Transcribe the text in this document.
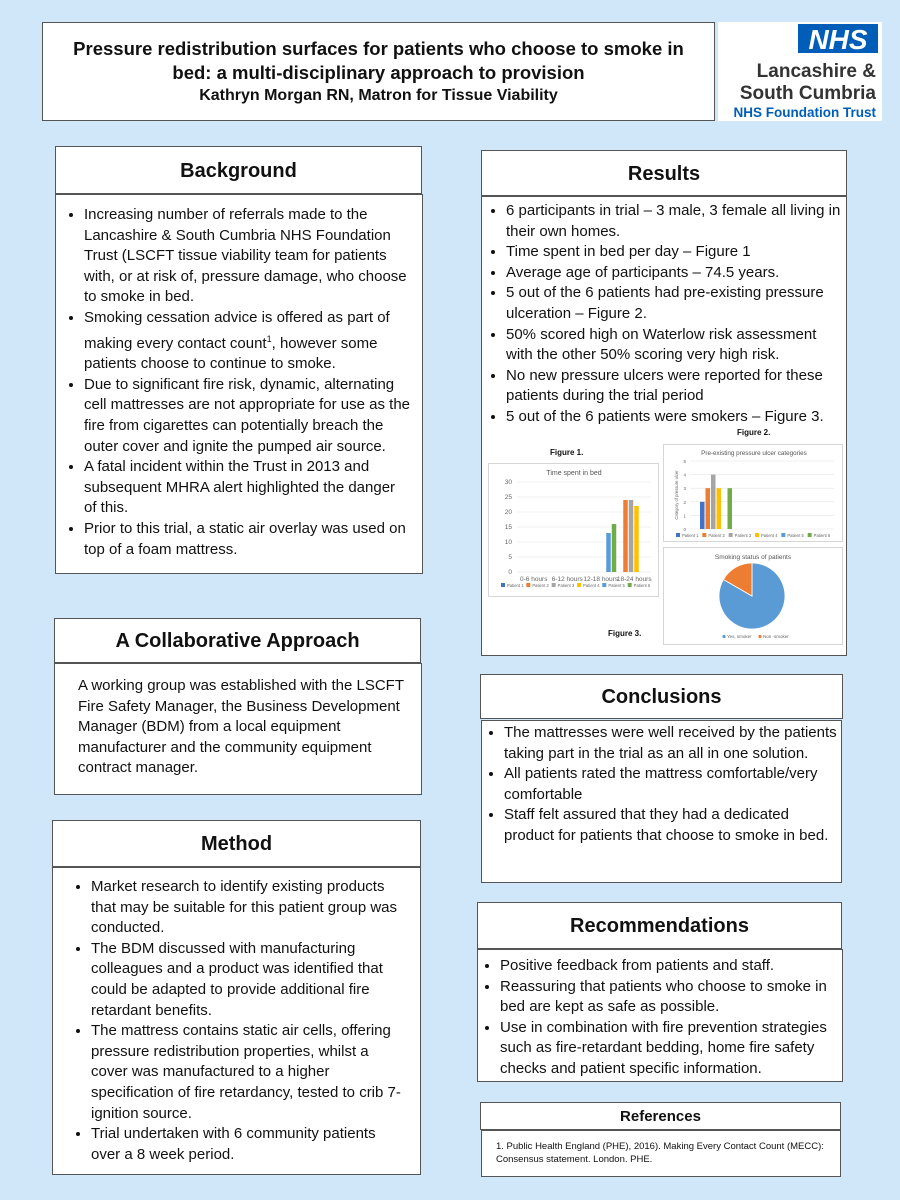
Pressure redistribution surfaces for patients who choose to smoke in bed: a multi-disciplinary approach to provision
Kathryn Morgan RN, Matron for Tissue Viability
NHS
Lancashire &
South Cumbria
NHS Foundation Trust
Background
• Increasing number of referrals made to the Lancashire & South Cumbria NHS Foundation Trust (LSCFT tissue viability team for patients with, or at risk of, pressure damage, who choose to smoke in bed.
• Smoking cessation advice is offered as part of making every contact count$^1$, however some patients choose to continue to smoke.
• Due to significant fire risk, dynamic, alternating cell mattresses are not appropriate for use as the fire from cigarettes can potentially breach the outer cover and ignite the pumped air source.
• A fatal incident within the Trust in 2013 and subsequent MHRA alert highlighted the danger of this.
• Prior to this trial, a static air overlay was used on top of a foam mattress.
A Collaborative Approach
A working group was established with the LSCFT Fire Safety Manager, the Business Development Manager (BDM) from a local equipment manufacturer and the community equipment contract manager.
Method
• Market research to identify existing products that may be suitable for this patient group was conducted.
• The BDM discussed with manufacturing colleagues and a product was identified that could be adapted to provide additional fire retardant benefits.
• The mattress contains static air cells, offering pressure redistribution properties, whilst a cover was manufactured to a higher specification of fire retardancy, tested to crib 7-ignition source.
• Trial undertaken with 6 community patients over a 8 week period.
Results
• 6 participants in trial – 3 male, 3 female all living in their own homes.
• Time spent in bed per day – Figure 1
• Average age of participants – 74.5 years.
• 5 out of the 6 patients had pre-existing pressure ulceration – Figure 2.
• 50% scored high on Waterlow risk assessment with the other 50% scoring very high risk.
• No new pressure ulcers were reported for these patients during the trial period
• 5 out of the 6 patients were smokers – Figure 3.
Figure 2.
Figure 1.
Figure 3.
Time spent in bed
0
5
10
15
20
25
30
0-6 hours 6-12 hours 12-18 hours
18-24 hours
Patient 1 Patient 2 Patient 3 Patient 4 Patient 5 Patient 6
Pre-existing pressure ulcer categories
0
1
2
3
4
5
Category of pressure ulcer
Patient 1 Patient 2 Patient 3 Patient 4 Patient 5 Patient 6
Smoking status of patients
Yes, smoker	Non -smoker
Conclusions
• The mattresses were well received by the patients taking part in the trial as an all in one solution.
• All patients rated the mattress comfortable/very comfortable
• Staff felt assured that they had a dedicated product for patients that choose to smoke in bed.
Recommendations
• Positive feedback from patients and staff.
• Reassuring that patients who choose to smoke in bed are kept as safe as possible.
• Use in combination with fire prevention strategies such as fire-retardant bedding, home fire safety checks and patient specific information.
References
1. Public Health England (PHE), 2016). Making Every Contact Count (MECC): Consensus statement. London. PHE.
